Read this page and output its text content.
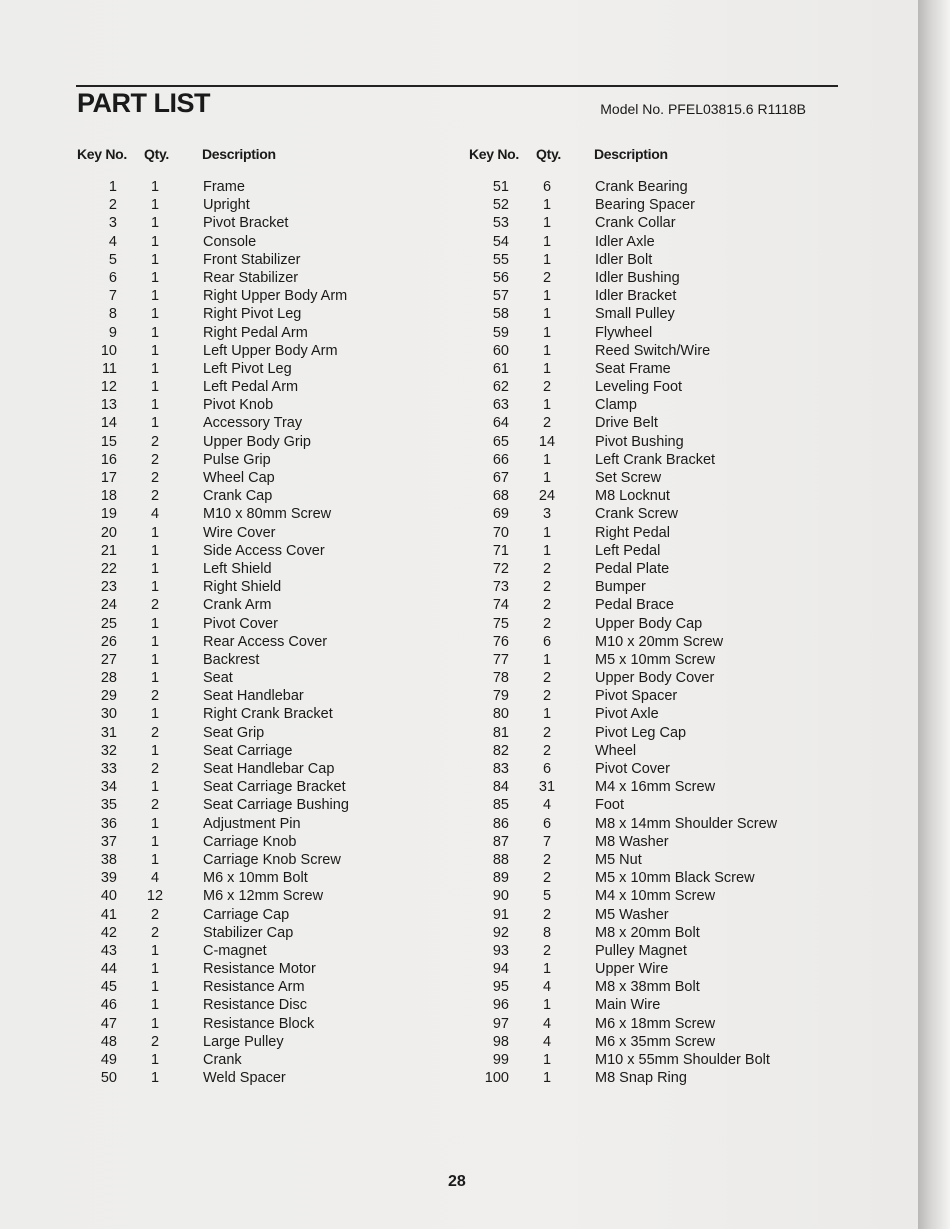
PART LIST	Model No. PFEL03815.6 R1118B
Key No. Qty. Description
1	1	Frame
2	1	Upright
3	1	Pivot Bracket
4	1	Console
5	1	Front Stabilizer
6	1	Rear Stabilizer
7	1	Right Upper Body Arm
8	1	Right Pivot Leg
9	1	Right Pedal Arm
10	1	Left Upper Body Arm
11	1	Left Pivot Leg
12	1	Left Pedal Arm
13	1	Pivot Knob
14	1	Accessory Tray
15	2	Upper Body Grip
16	2	Pulse Grip
17	2	Wheel Cap
18	2	Crank Cap
19	4	M10 x 80mm Screw
20	1	Wire Cover
21	1	Side Access Cover
22	1	Left Shield
23	1	Right Shield
24	2	Crank Arm
25	1	Pivot Cover
26	1	Rear Access Cover
27	1	Backrest
28	1	Seat
29	2	Seat Handlebar
30	1	Right Crank Bracket
31	2	Seat Grip
32	1	Seat Carriage
33	2	Seat Handlebar Cap
34	1	Seat Carriage Bracket
35	2	Seat Carriage Bushing
36	1	Adjustment Pin
37	1	Carriage Knob
38	1	Carriage Knob Screw
39	4	M6 x 10mm Bolt
40 12	M6 x 12mm Screw
41	2	Carriage Cap
42	2	Stabilizer Cap
43	1	C-magnet
44	1	Resistance Motor
45	1	Resistance Arm
46	1	Resistance Disc
47	1	Resistance Block
48	2	Large Pulley
49	1	Crank
50	1	Weld Spacer
Key No. Qty. Description
51	6	Crank Bearing
52	1	Bearing Spacer
53	1	Crank Collar
54	1	Idler Axle
55	1	Idler Bolt
56	2	Idler Bushing
57	1	Idler Bracket
58	1	Small Pulley
59	1	Flywheel
60	1	Reed Switch/Wire
61	1	Seat Frame
62	2	Leveling Foot
63	1	Clamp
64	2	Drive Belt
65 14	Pivot Bushing
66	1	Left Crank Bracket
67	1	Set Screw
68 24	M8 Locknut
69	3	Crank Screw
70	1	Right Pedal
71	1	Left Pedal
72	2	Pedal Plate
73	2	Bumper
74	2	Pedal Brace
75	2	Upper Body Cap
76	6	M10 x 20mm Screw
77	1	M5 x 10mm Screw
78	2	Upper Body Cover
79	2	Pivot Spacer
80	1	Pivot Axle
81	2	Pivot Leg Cap
82	2	Wheel
83	6	Pivot Cover
84 31	M4 x 16mm Screw
85	4	Foot
86	6	M8 x 14mm Shoulder Screw
87	7	M8 Washer
88	2	M5 Nut
89	2	M5 x 10mm Black Screw
90	5	M4 x 10mm Screw
91	2	M5 Washer
92	8	M8 x 20mm Bolt
93	2	Pulley Magnet
94	1	Upper Wire
95	4	M8 x 38mm Bolt
96	1	Main Wire
97	4	M6 x 18mm Screw
98	4	M6 x 35mm Screw
99	1	M10 x 55mm Shoulder Bolt
100	1	M8 Snap Ring
28
